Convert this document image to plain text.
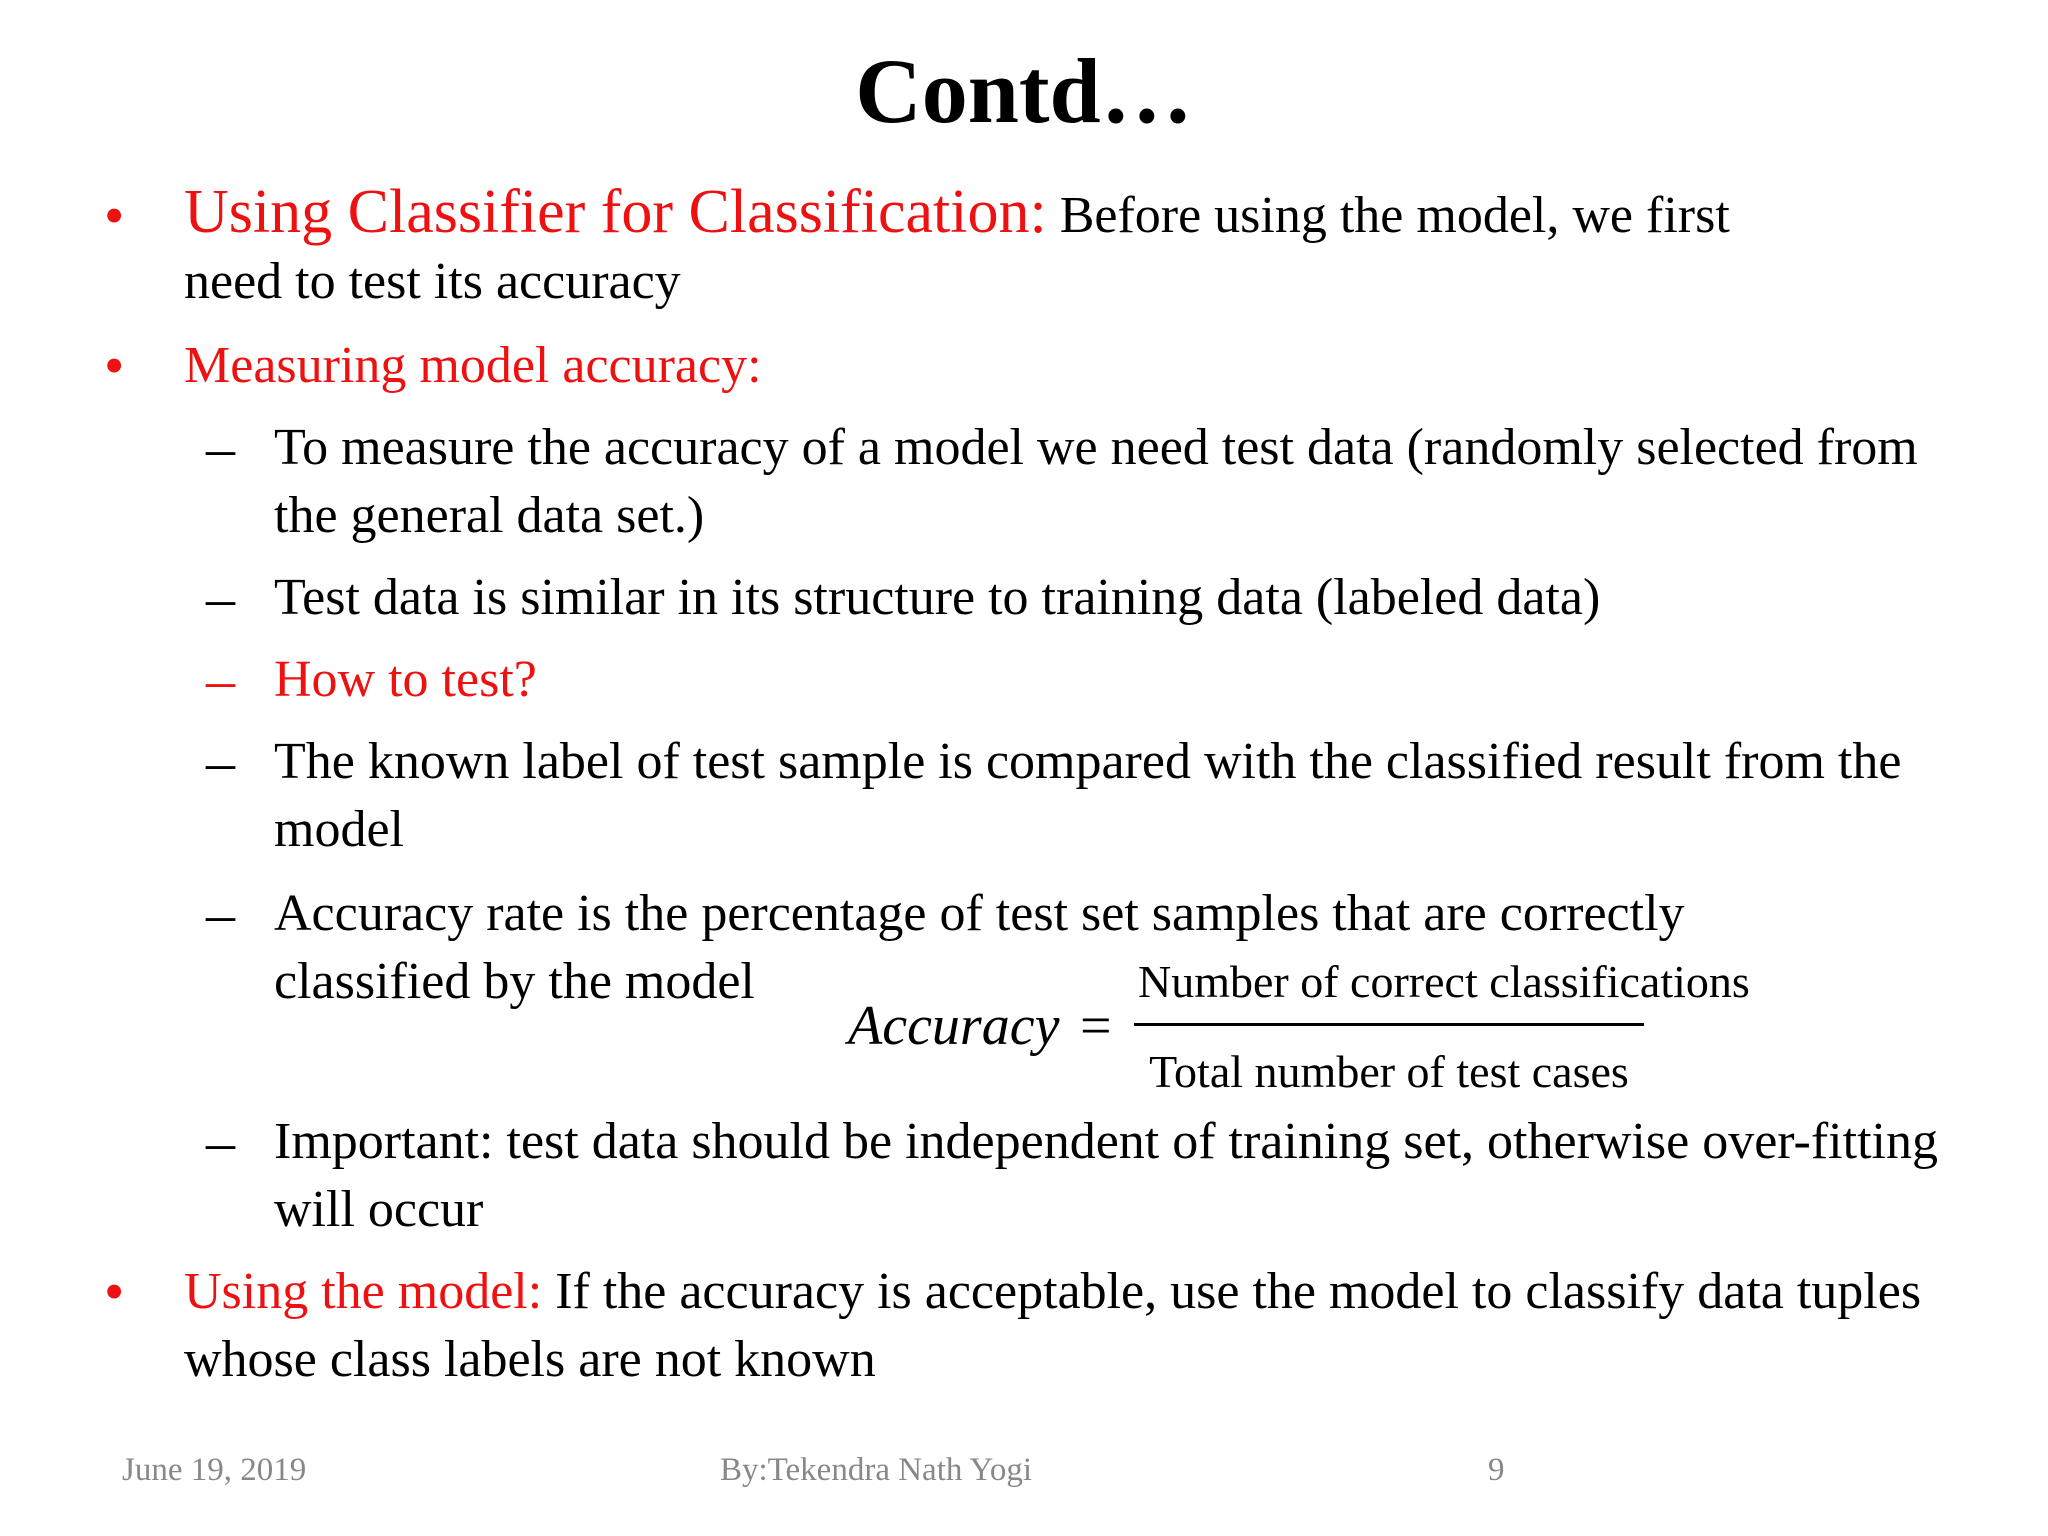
Contd…
• Using Classifier for Classification: Before using the model, we first
need to test its accuracy
• Measuring model accuracy:
– To measure the accuracy of a model we need test data (randomly selected from the general data set.)
– Test data is similar in its structure to training data (labeled data)
– How to test?
– The known label of test sample is compared with the classified result from the model
– Accuracy rate is the percentage of test set samples that are correctly
classified by the model
Accuracy =
Number of correct classifications
Total number of test cases
– Important: test data should be independent of training set, otherwise over-fitting will occur
• Using the model: If the accuracy is acceptable, use the model to classify data tuples whose class labels are not known
June 19, 2019	By:Tekendra Nath Yogi	9
